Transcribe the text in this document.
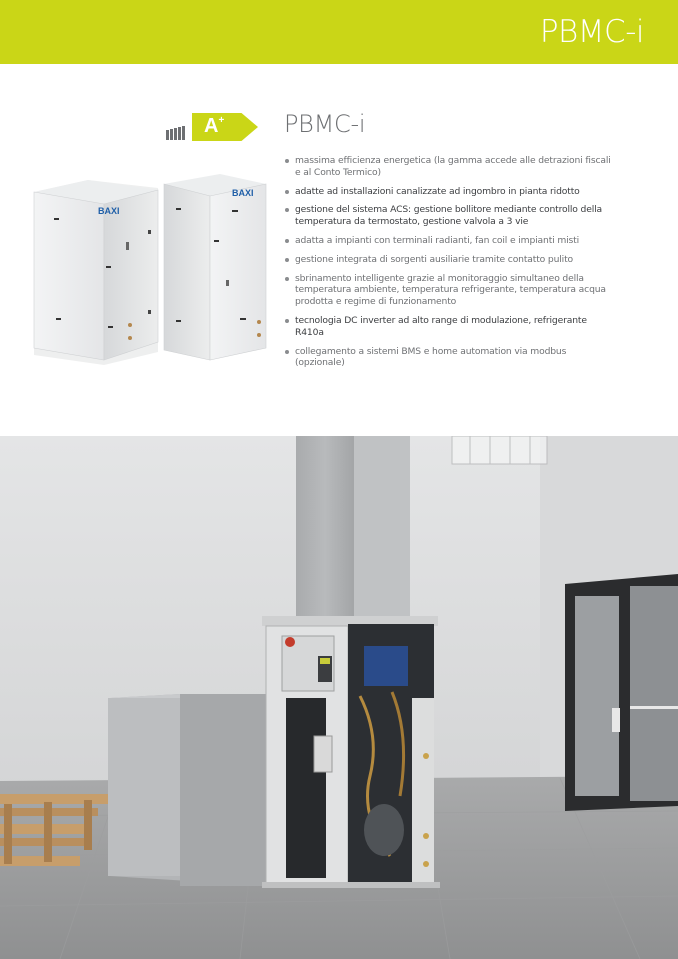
PBMC-i
A+ PBMC-i
massima efficienza energetica (la gamma accede alle detrazioni fiscali e al Conto Termico)
adatte ad installazioni canalizzate ad ingombro in pianta ridotto
gestione del sistema ACS: gestione bollitore mediante controllo della temperatura da termostato, gestione valvola a 3 vie
adatta a impianti con terminali radianti, fan coil e impianti misti
gestione integrata di sorgenti ausiliarie tramite contatto pulito
sbrinamento intelligente grazie al monitoraggio simultaneo della temperatura ambiente, temperatura refrigerante, temperatura acqua prodotta e regime di funzionamento
tecnologia DC inverter ad alto range di modulazione, refrigerante R410a
collegamento a sistemi BMS e home automation via modbus (opzionale)
BAXI
BAXI
